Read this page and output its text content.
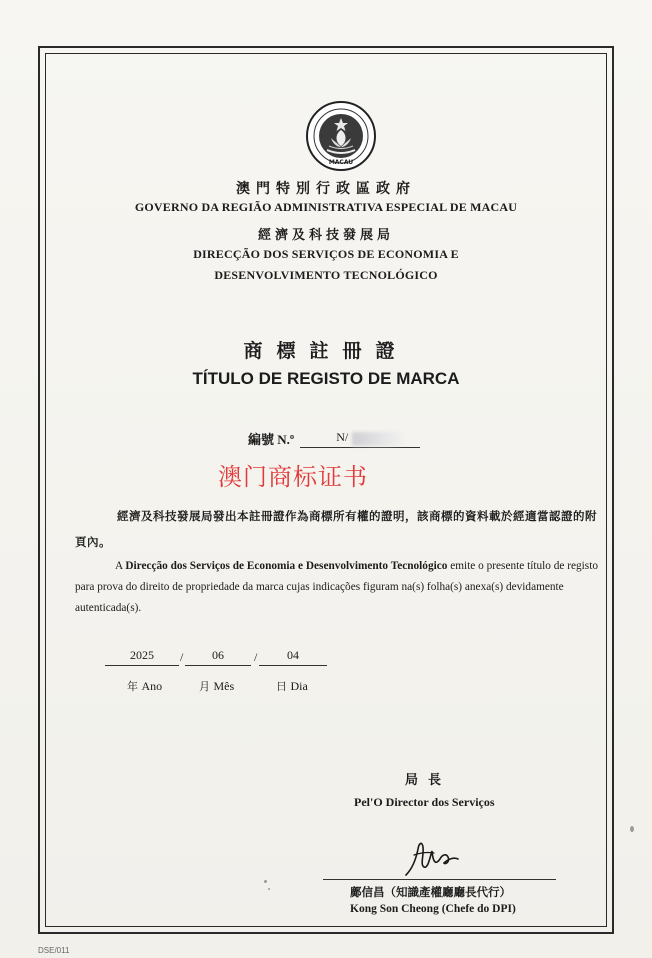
MACAU
澳門特別行政區政府
GOVERNO DA REGIÃO ADMINISTRATIVA ESPECIAL DE MACAU
經濟及科技發展局
DIRECÇÃO DOS SERVIÇOS DE ECONOMIA E
DESENVOLVIMENTO TECNOLÓGICO
商標註冊證
TÍTULO DE REGISTO DE MARCA
編號 N.º	N/
澳门商标证书
經濟及科技發展局發出本註冊證作為商標所有權的證明，該商標的資料載於經適當認證的附頁內。
A Direcção dos Serviços de Economia e Desenvolvimento Tecnológico emite o presente título de registo para prova do direito de propriedade da marca cujas indicações figuram na(s) folha(s) anexa(s) devidamente autenticada(s).
2025	/	06	/	04
年 Ano	月 Mês	日 Dia
局長
Pel'O Director dos Serviços
鄺信昌（知識產權廳廳長代行）
Kong Son Cheong (Chefe do DPI)
DSE/011
